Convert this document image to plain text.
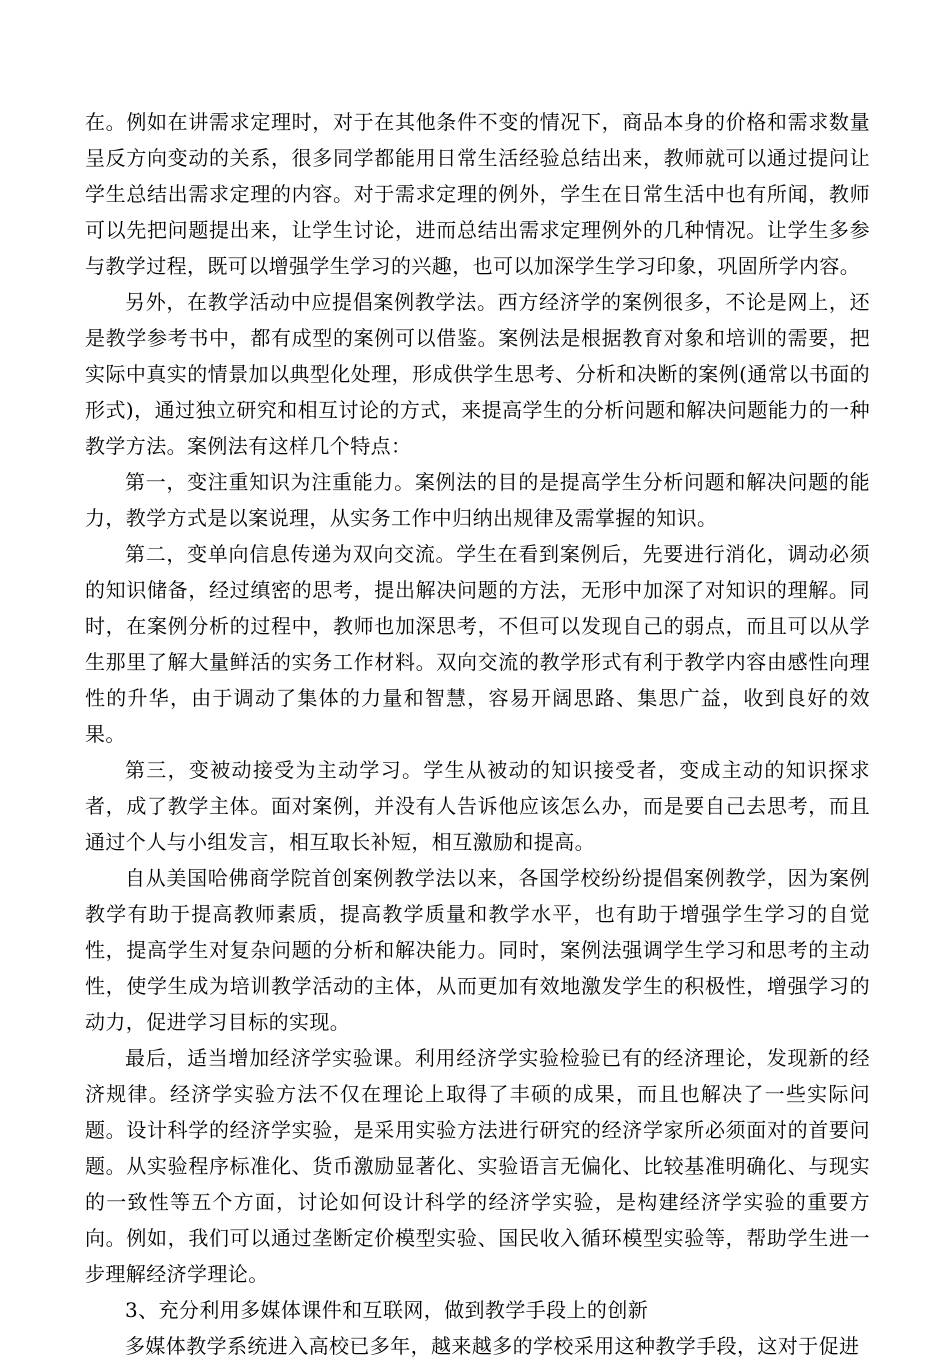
在。例如在讲需求定理时，对于在其他条件不变的情况下，商品本身的价格和需求数量呈反方向变动的关系，很多同学都能用日常生活经验总结出来，教师就可以通过提问让学生总结出需求定理的内容。对于需求定理的例外，学生在日常生活中也有所闻，教师可以先把问题提出来，让学生讨论，进而总结出需求定理例外的几种情况。让学生多参与教学过程，既可以增强学生学习的兴趣，也可以加深学生学习印象，巩固所学内容。

另外，在教学活动中应提倡案例教学法。西方经济学的案例很多，不论是网上，还是教学参考书中，都有成型的案例可以借鉴。案例法是根据教育对象和培训的需要，把实际中真实的情景加以典型化处理，形成供学生思考、分析和决断的案例(通常以书面的形式)，通过独立研究和相互讨论的方式，来提高学生的分析问题和解决问题能力的一种教学方法。案例法有这样几个特点：

第一，变注重知识为注重能力。案例法的目的是提高学生分析问题和解决问题的能力，教学方式是以案说理，从实务工作中归纳出规律及需掌握的知识。

第二，变单向信息传递为双向交流。学生在看到案例后，先要进行消化，调动必须的知识储备，经过缜密的思考，提出解决问题的方法，无形中加深了对知识的理解。同时，在案例分析的过程中，教师也加深思考，不但可以发现自己的弱点，而且可以从学生那里了解大量鲜活的实务工作材料。双向交流的教学形式有利于教学内容由感性向理性的升华，由于调动了集体的力量和智慧，容易开阔思路、集思广益，收到良好的效果。

第三，变被动接受为主动学习。学生从被动的知识接受者，变成主动的知识探求者，成了教学主体。面对案例，并没有人告诉他应该怎么办，而是要自己去思考，而且通过个人与小组发言，相互取长补短，相互激励和提高。

自从美国哈佛商学院首创案例教学法以来，各国学校纷纷提倡案例教学，因为案例教学有助于提高教师素质，提高教学质量和教学水平，也有助于增强学生学习的自觉性，提高学生对复杂问题的分析和解决能力。同时，案例法强调学生学习和思考的主动性，使学生成为培训教学活动的主体，从而更加有效地激发学生的积极性，增强学习的动力，促进学习目标的实现。

最后，适当增加经济学实验课。利用经济学实验检验已有的经济理论，发现新的经济规律。经济学实验方法不仅在理论上取得了丰硕的成果，而且也解决了一些实际问题。设计科学的经济学实验，是采用实验方法进行研究的经济学家所必须面对的首要问题。从实验程序标准化、货币激励显著化、实验语言无偏化、比较基准明确化、与现实的一致性等五个方面，讨论如何设计科学的经济学实验，是构建经济学实验的重要方向。例如，我们可以通过垄断定价模型实验、国民收入循环模型实验等，帮助学生进一步理解经济学理论。

3、充分利用多媒体课件和互联网，做到教学手段上的创新

多媒体教学系统进入高校已多年，越来越多的学校采用这种教学手段，这对于促进
